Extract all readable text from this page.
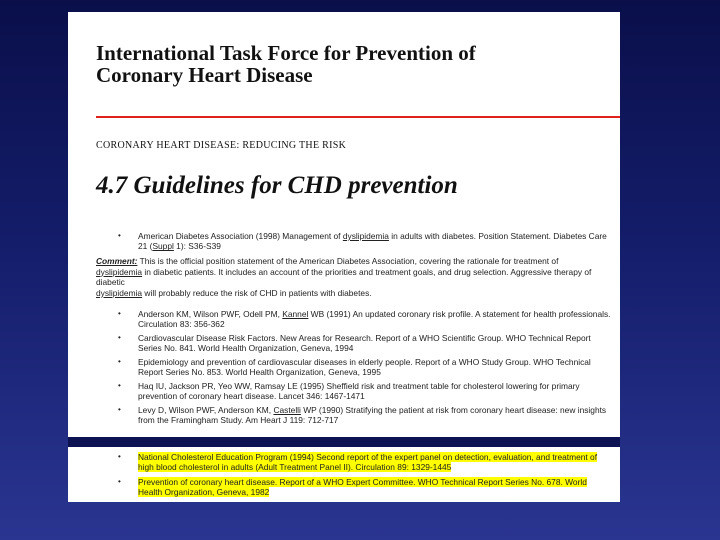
International Task Force for Prevention of
Coronary Heart Disease
CORONARY HEART DISEASE: REDUCING THE RISK
4.7 Guidelines for CHD prevention
• American Diabetes Association (1998) Management of dyslipidemia in adults with diabetes. Position Statement. Diabetes Care 21 (Suppl 1): S36-S39
Comment: This is the official position statement of the American Diabetes Association, covering the rationale for treatment of
dyslipidemia in diabetic patients. It includes an account of the priorities and treatment goals, and drug selection. Aggressive therapy of diabetic
dyslipidemia will probably reduce the risk of CHD in patients with diabetes.
• Anderson KM, Wilson PWF, Odell PM, Kannel WB (1991) An updated coronary risk profile. A statement for health professionals. Circulation 83: 356-362
• Cardiovascular Disease Risk Factors. New Areas for Research. Report of a WHO Scientific Group. WHO Technical Report Series No. 841. World Health Organization, Geneva, 1994
• Epidemiology and prevention of cardiovascular diseases in elderly people. Report of a WHO Study Group. WHO Technical Report Series No. 853. World Health Organization, Geneva, 1995
• Haq IU, Jackson PR, Yeo WW, Ramsay LE (1995) Sheffield risk and treatment table for cholesterol lowering for primary prevention of coronary heart disease. Lancet 346: 1467-1471
• Levy D, Wilson PWF, Anderson KM, Castelli WP (1990) Stratifying the patient at risk from coronary heart disease: new insights from the Framingham Study. Am Heart J 119: 712-717
• National Cholesterol Education Program (1994) Second report of the expert panel on detection, evaluation, and treatment of
high blood cholesterol in adults (Adult Treatment Panel II). Circulation 89: 1329-1445
• Prevention of coronary heart disease. Report of a WHO Expert Committee. WHO Technical Report Series No. 678. World
Health Organization, Geneva, 1982
